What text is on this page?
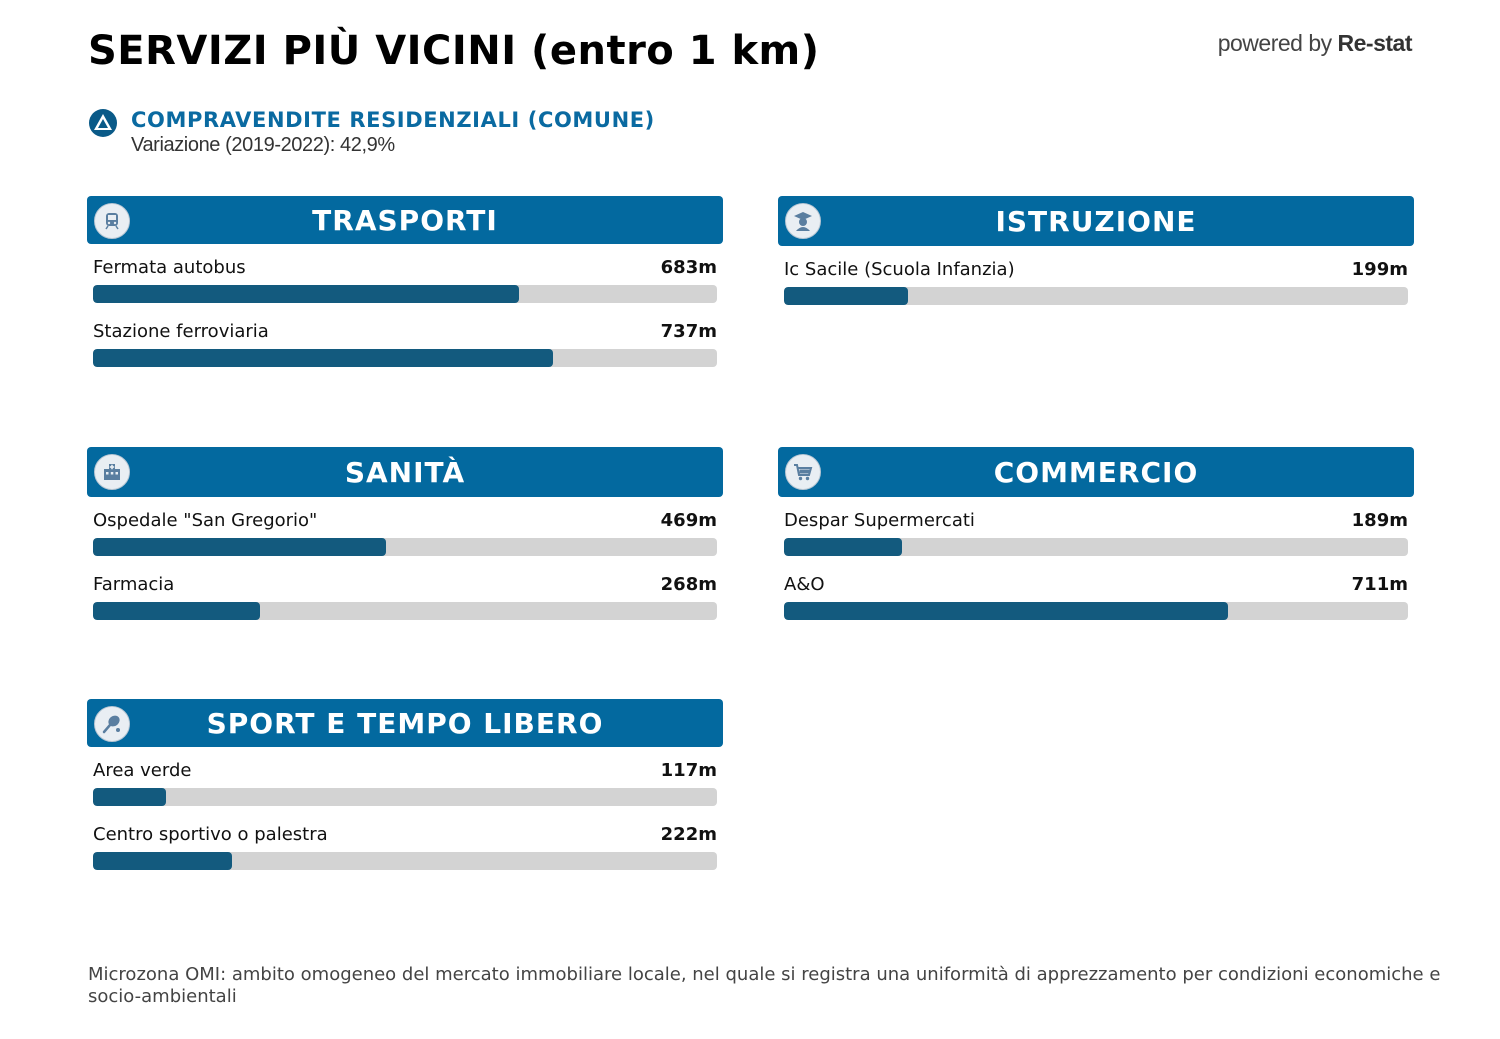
SERVIZI PIÙ VICINI (entro 1 km)	powered by Re-stat
COMPRAVENDITE RESIDENZIALI (COMUNE)
Variazione (2019-2022): 42,9%
TRASPORTI
Fermata autobus	683m
Stazione ferroviaria	737m
ISTRUZIONE
Ic Sacile (Scuola Infanzia)	199m
SANITÀ
Ospedale "San Gregorio"	469m
Farmacia	268m
COMMERCIO
Despar Supermercati	189m
A&O	711m
SPORT E TEMPO LIBERO
Area verde	117m
Centro sportivo o palestra	222m
Microzona OMI: ambito omogeneo del mercato immobiliare locale, nel quale si registra una uniformità di apprezzamento per condizioni economiche e socio-ambientali
